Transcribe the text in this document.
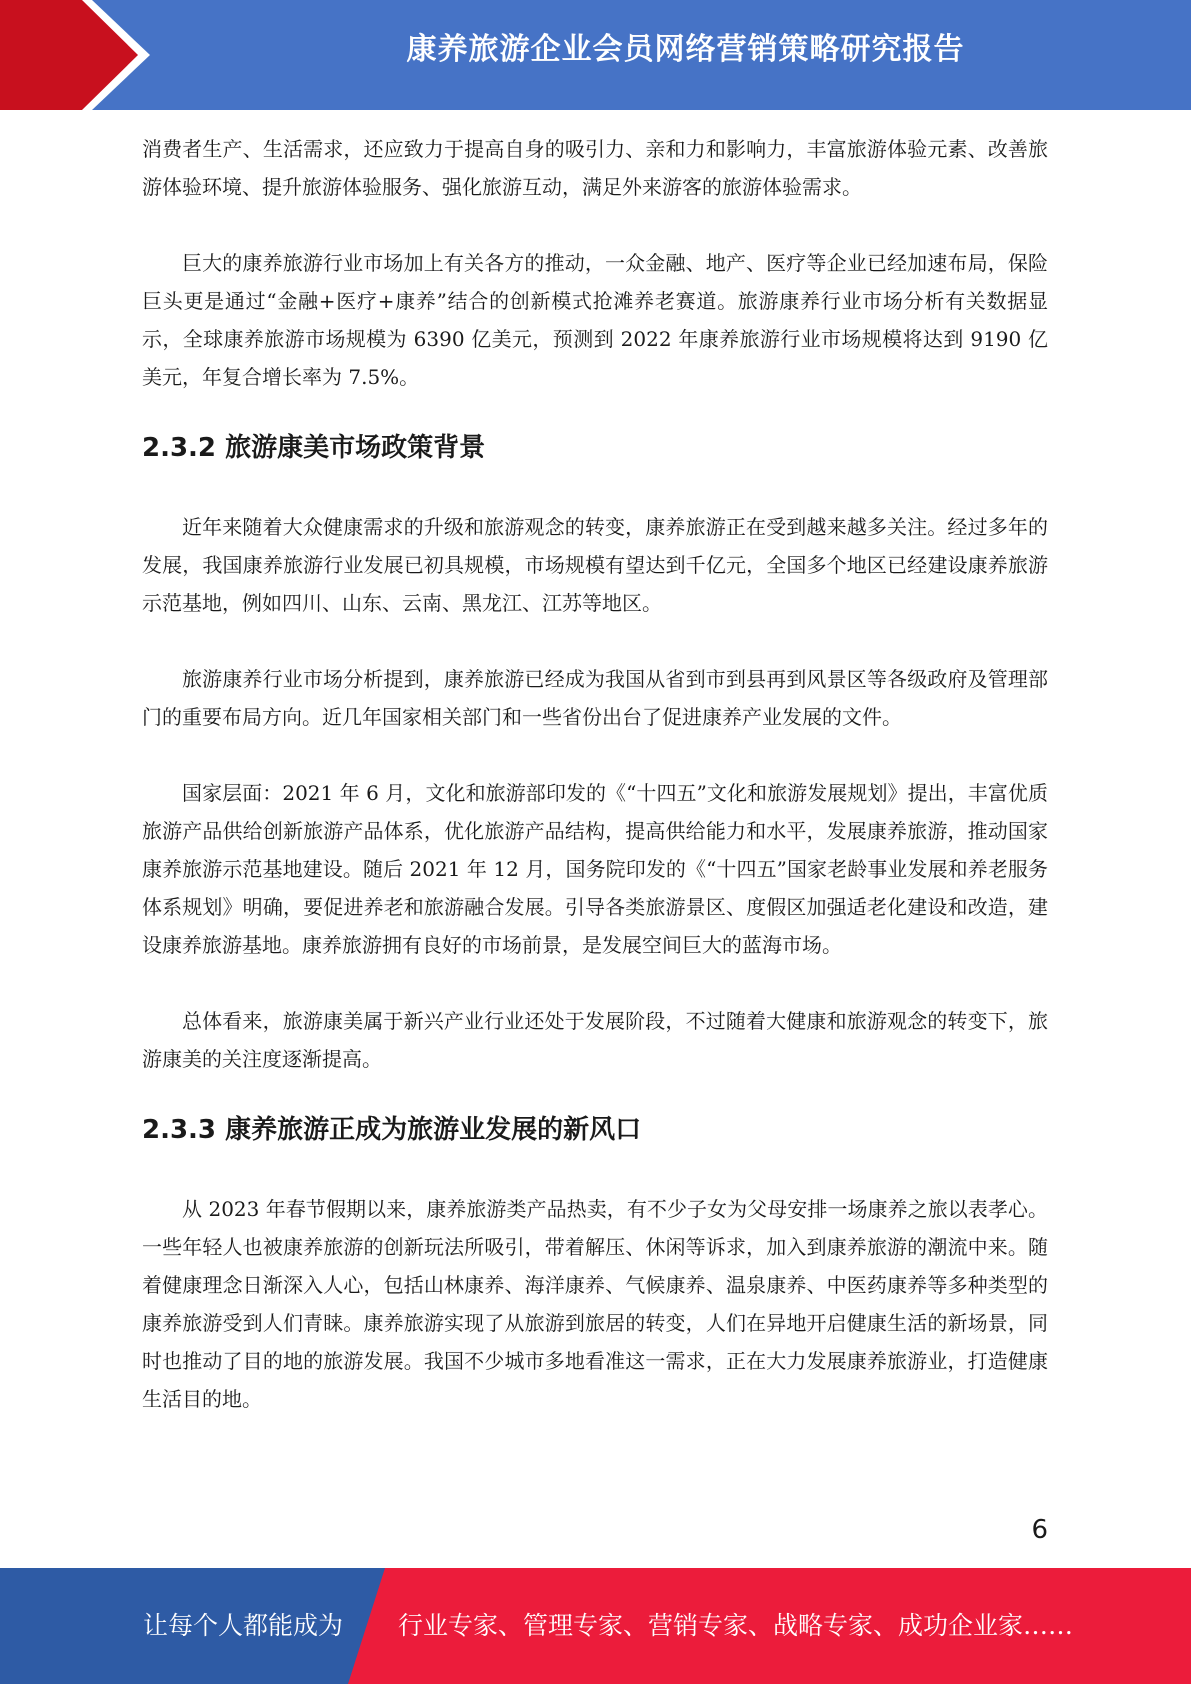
康养旅游企业会员网络营销策略研究报告

消费者生产、生活需求，还应致力于提高自身的吸引力、亲和力和影响力，丰富旅游体验元素、改善旅游体验环境、提升旅游体验服务、强化旅游互动，满足外来游客的旅游体验需求。

巨大的康养旅游行业市场加上有关各方的推动，一众金融、地产、医疗等企业已经加速布局，保险巨头更是通过“金融+医疗+康养”结合的创新模式抢滩养老赛道。旅游康养行业市场分析有关数据显示，全球康养旅游市场规模为 6390 亿美元，预测到 2022 年康养旅游行业市场规模将达到 9190 亿美元，年复合增长率为 7.5%。

2.3.2 旅游康美市场政策背景

近年来随着大众健康需求的升级和旅游观念的转变，康养旅游正在受到越来越多关注。经过多年的发展，我国康养旅游行业发展已初具规模，市场规模有望达到千亿元，全国多个地区已经建设康养旅游示范基地，例如四川、山东、云南、黑龙江、江苏等地区。

旅游康养行业市场分析提到，康养旅游已经成为我国从省到市到县再到风景区等各级政府及管理部门的重要布局方向。近几年国家相关部门和一些省份出台了促进康养产业发展的文件。

国家层面：2021 年 6 月，文化和旅游部印发的《“十四五”文化和旅游发展规划》提出，丰富优质旅游产品供给创新旅游产品体系，优化旅游产品结构，提高供给能力和水平，发展康养旅游，推动国家康养旅游示范基地建设。随后 2021 年 12 月，国务院印发的《“十四五”国家老龄事业发展和养老服务体系规划》明确，要促进养老和旅游融合发展。引导各类旅游景区、度假区加强适老化建设和改造，建设康养旅游基地。康养旅游拥有良好的市场前景，是发展空间巨大的蓝海市场。

总体看来，旅游康美属于新兴产业行业还处于发展阶段，不过随着大健康和旅游观念的转变下，旅游康美的关注度逐渐提高。

2.3.3 康养旅游正成为旅游业发展的新风口

从 2023 年春节假期以来，康养旅游类产品热卖，有不少子女为父母安排一场康养之旅以表孝心。一些年轻人也被康养旅游的创新玩法所吸引，带着解压、休闲等诉求，加入到康养旅游的潮流中来。随着健康理念日渐深入人心，包括山林康养、海洋康养、气候康养、温泉康养、中医药康养等多种类型的康养旅游受到人们青睐。康养旅游实现了从旅游到旅居的转变，人们在异地开启健康生活的新场景，同时也推动了目的地的旅游发展。我国不少城市多地看准这一需求，正在大力发展康养旅游业，打造健康生活目的地。

6
让每个人都能成为 行业专家、管理专家、营销专家、战略专家、成功企业家……
